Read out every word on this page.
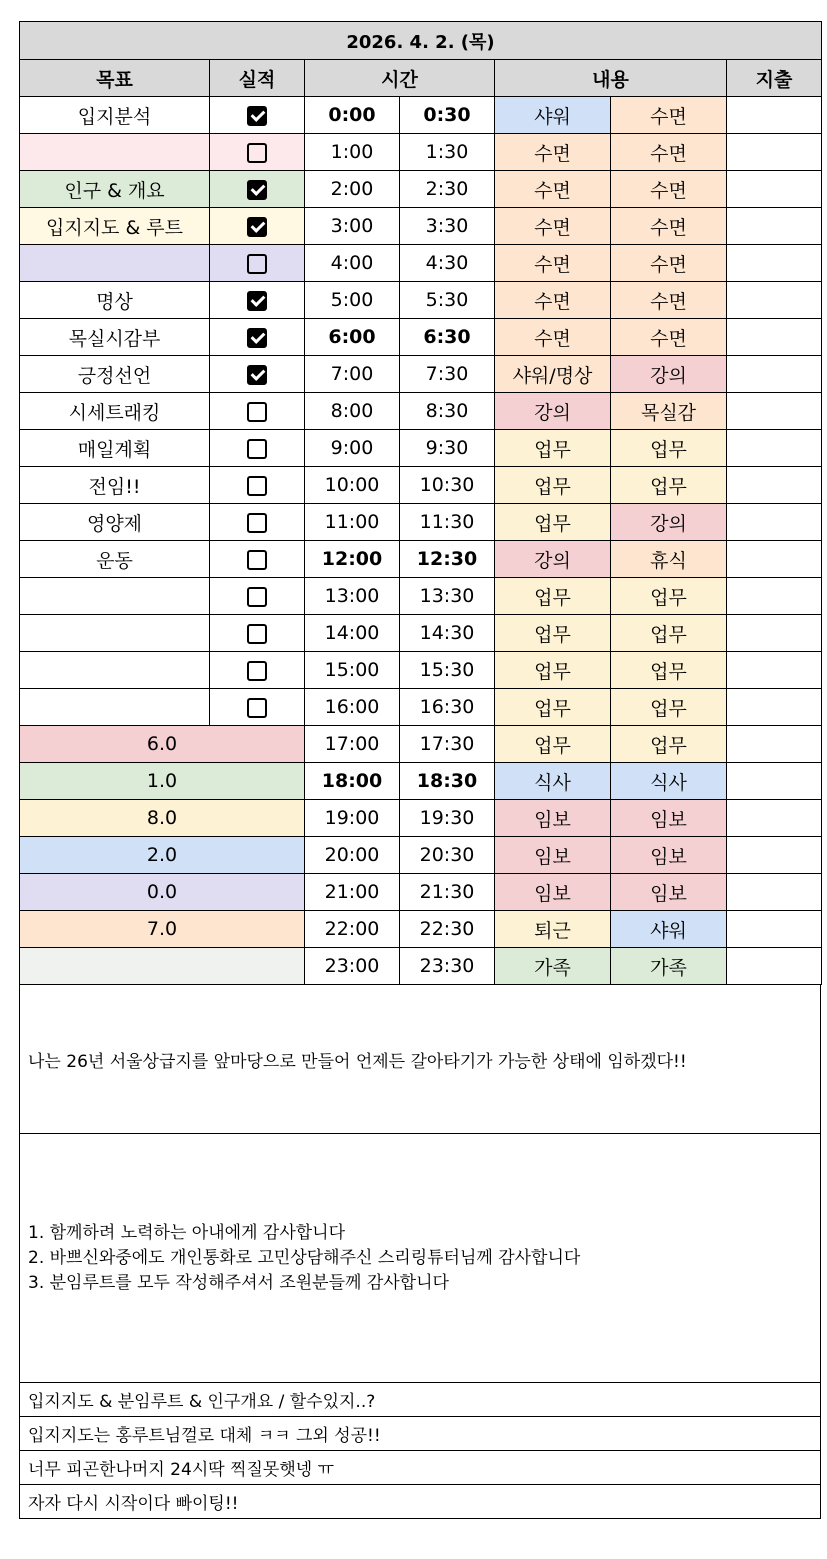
2026. 4. 2. (목)						
목표	실적	시간		내용		지출
입지분석		0:00	0:30	샤워	수면	
		1:00	1:30	수면	수면	
인구 & 개요		2:00	2:30	수면	수면	
입지지도 & 루트		3:00	3:30	수면	수면	
		4:00	4:30	수면	수면	
명상		5:00	5:30	수면	수면	
목실시감부		6:00	6:30	수면	수면	
긍정선언		7:00	7:30	샤워/명상	강의	
시세트래킹		8:00	8:30	강의	목실감	
매일계획		9:00	9:30	업무	업무	
전임!!		10:00	10:30	업무	업무	
영양제		11:00	11:30	업무	강의	
운동		12:00	12:30	강의	휴식	
		13:00	13:30	업무	업무	
		14:00	14:30	업무	업무	
		15:00	15:30	업무	업무	
		16:00	16:30	업무	업무	
6.0		17:00	17:30	업무	업무	
1.0		18:00	18:30	식사	식사	
8.0		19:00	19:30	임보	임보	
2.0		20:00	20:30	임보	임보	
0.0		21:00	21:30	임보	임보	
7.0		22:00	22:30	퇴근	샤워	
		23:00	23:30	가족	가족	
나는 26년 서울상급지를 앞마당으로 만들어 언제든 갈아타기가 가능한 상태에 임하겠다!!
1. 함께하려 노력하는 아내에게 감사합니다
2. 바쁘신와중에도 개인통화로 고민상담해주신 스리링튜터님께 감사합니다
3. 분임루트를 모두 작성해주셔서 조원분들께 감사합니다
입지지도 & 분임루트 & 인구개요 / 할수있지..?
입지지도는 홍루트님껄로 대체 ㅋㅋ 그외 성공!!
너무 피곤한나머지 24시딱 찍질못햇넹 ㅠ
자자 다시 시작이다 빠이팅!!
